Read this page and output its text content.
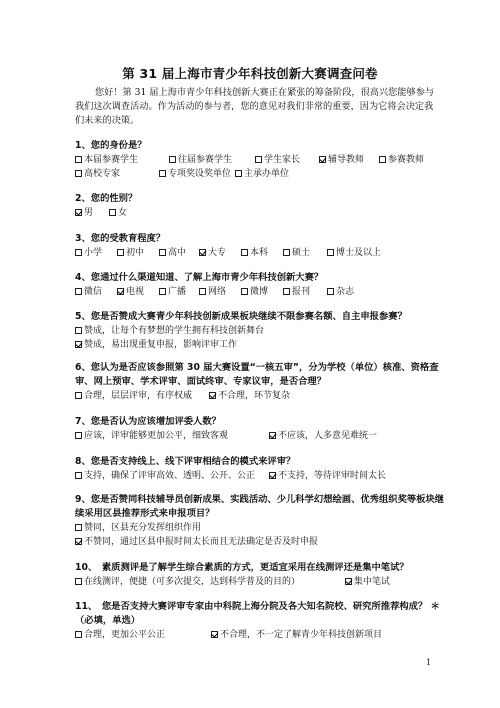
第 31 届上海市青少年科技创新大赛调查问卷
您好！第 31 届上海市青少年科技创新大赛正在紧张的筹备阶段，很高兴您能够参与我们这次调查活动。作为活动的参与者，您的意见对我们非常的重要，因为它将会决定我们未来的决策。
1、您的身份是？
本届参赛学生	往届参赛学生	学生家长	辅导教师	参赛教师
高校专家	专项奖设奖单位	主承办单位
2、您的性别？
男	女
3、您的受教育程度？
小学	初中	高中	大专	本科	硕士	博士及以上
4、您通过什么渠道知道、了解上海市青少年科技创新大赛？
微信	电视	广播	网络	微博	报刊	杂志
5、您是否赞成大赛青少年科技创新成果板块继续不限参赛名额、自主申报参赛？
赞成，让每个有梦想的学生拥有科技创新舞台
赞成，易出现重复申报，影响评审工作
6、您认为是否应该参照第 30 届大赛设置“一核五审”，分为学校（单位）核准、资格查审、网上预审、学术评审、面试终审、专家议审，是否合理？
合理，层层评审，有序权威	不合理，环节复杂
7、您是否认为应该增加评委人数？
应该，评审能够更加公平，细致客观	不应该，人多意见难统一
8、您是否支持线上、线下评审相结合的模式来评审？
支持，确保了评审高效、透明、公开、公正	不支持，等待评审时间太长
9、您是否赞同科技辅导员创新成果、实践活动、少儿科学幻想绘画、优秀组织奖等板块继续采用区县推荐形式来申报项目？
赞同，区县充分发挥组织作用
不赞同，通过区县申报时间太长而且无法确定是否及时申报
10、　素质测评是了解学生综合素质的方式，更适宜采用在线测评还是集中笔试？
在线测评，便捷（可多次提交，达到科学普及的目的）	集中笔试
11、　您是否支持大赛评审专家由中科院上海分院及各大知名院校、研究所推荐构成？ ＊（必填，单选）
合理，更加公平公正	不合理，不一定了解青少年科技创新项目
1
